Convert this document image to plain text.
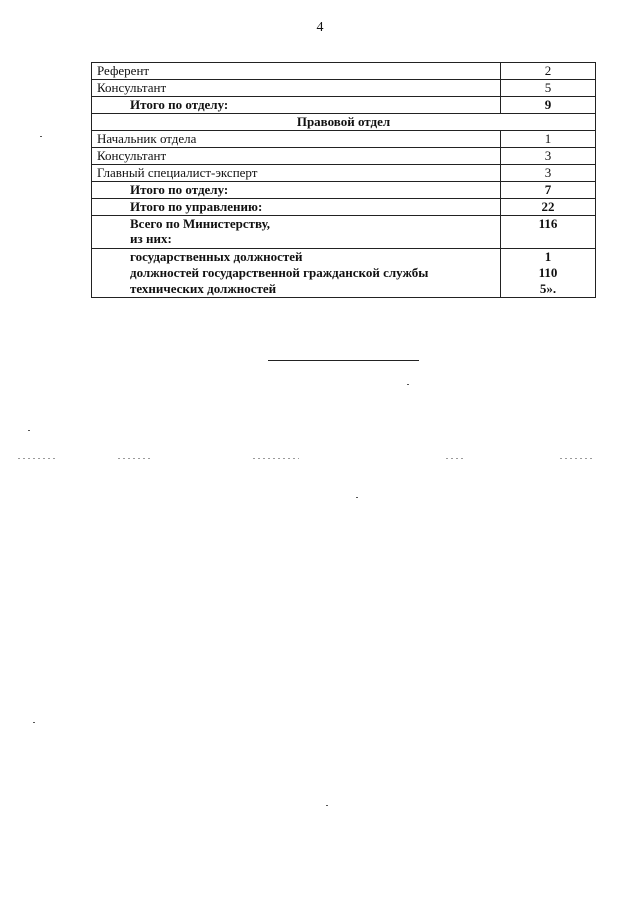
4
Референт	2
Консультант	5
Итого по отделу:	9
Правовой отдел	
Начальник отдела	1
Консультант	3
Главный специалист-эксперт	3
Итого по отделу:	7
Итого по управлению:	22
Всего по Министерству,
из них:	116
государственных должностей	1
должностей государственной гражданской службы	110
технических должностей	5».
